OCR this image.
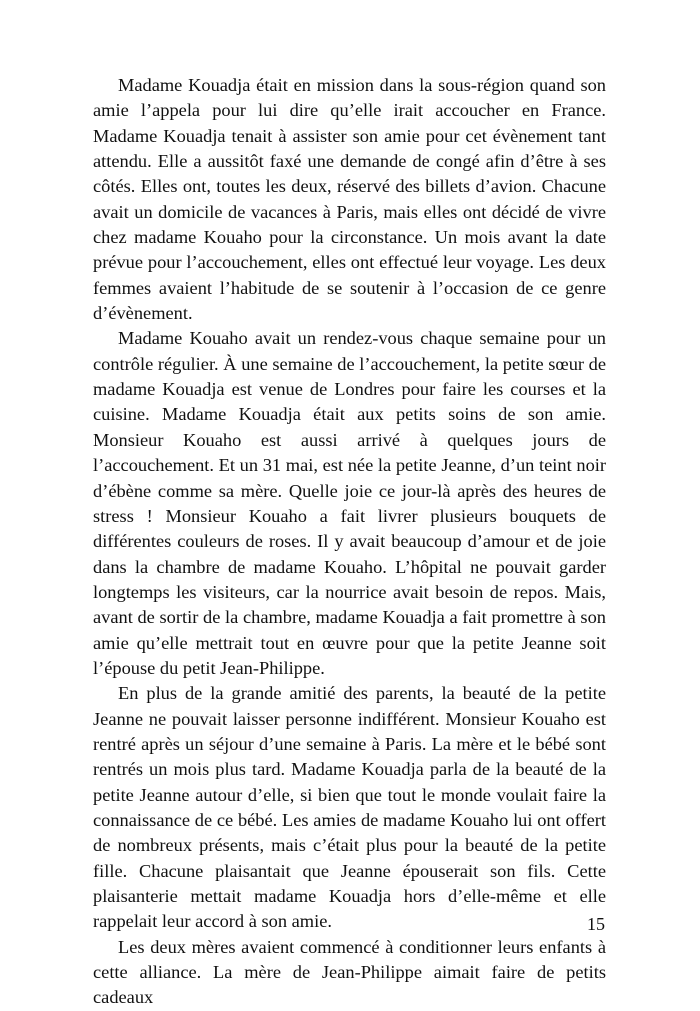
Madame Kouadja était en mission dans la sous-région quand son amie l’appela pour lui dire qu’elle irait accoucher en France. Madame Kouadja tenait à assister son amie pour cet évènement tant attendu. Elle a aussitôt faxé une demande de congé afin d’être à ses côtés. Elles ont, toutes les deux, réservé des billets d’avion. Chacune avait un domicile de vacances à Paris, mais elles ont décidé de vivre chez madame Kouaho pour la circonstance. Un mois avant la date prévue pour l’accouchement, elles ont effectué leur voyage. Les deux femmes avaient l’habitude de se soutenir à l’occasion de ce genre d’évènement.

Madame Kouaho avait un rendez-vous chaque semaine pour un contrôle régulier. À une semaine de l’accouchement, la petite sœur de madame Kouadja est venue de Londres pour faire les courses et la cuisine. Madame Kouadja était aux petits soins de son amie. Monsieur Kouaho est aussi arrivé à quelques jours de l’accouchement. Et un 31 mai, est née la petite Jeanne, d’un teint noir d’ébène comme sa mère. Quelle joie ce jour-là après des heures de stress ! Monsieur Kouaho a fait livrer plusieurs bouquets de différentes couleurs de roses. Il y avait beaucoup d’amour et de joie dans la chambre de madame Kouaho. L’hôpital ne pouvait garder longtemps les visiteurs, car la nourrice avait besoin de repos. Mais, avant de sortir de la chambre, madame Kouadja a fait promettre à son amie qu’elle mettrait tout en œuvre pour que la petite Jeanne soit l’épouse du petit Jean-Philippe.

En plus de la grande amitié des parents, la beauté de la petite Jeanne ne pouvait laisser personne indifférent. Monsieur Kouaho est rentré après un séjour d’une semaine à Paris. La mère et le bébé sont rentrés un mois plus tard. Madame Kouadja parla de la beauté de la petite Jeanne autour d’elle, si bien que tout le monde voulait faire la connaissance de ce bébé. Les amies de madame Kouaho lui ont offert de nombreux présents, mais c’était plus pour la beauté de la petite fille. Chacune plaisantait que Jeanne épouserait son fils. Cette plaisanterie mettait madame Kouadja hors d’elle-même et elle rappelait leur accord à son amie.

Les deux mères avaient commencé à conditionner leurs enfants à cette alliance. La mère de Jean-Philippe aimait faire de petits cadeaux

15
